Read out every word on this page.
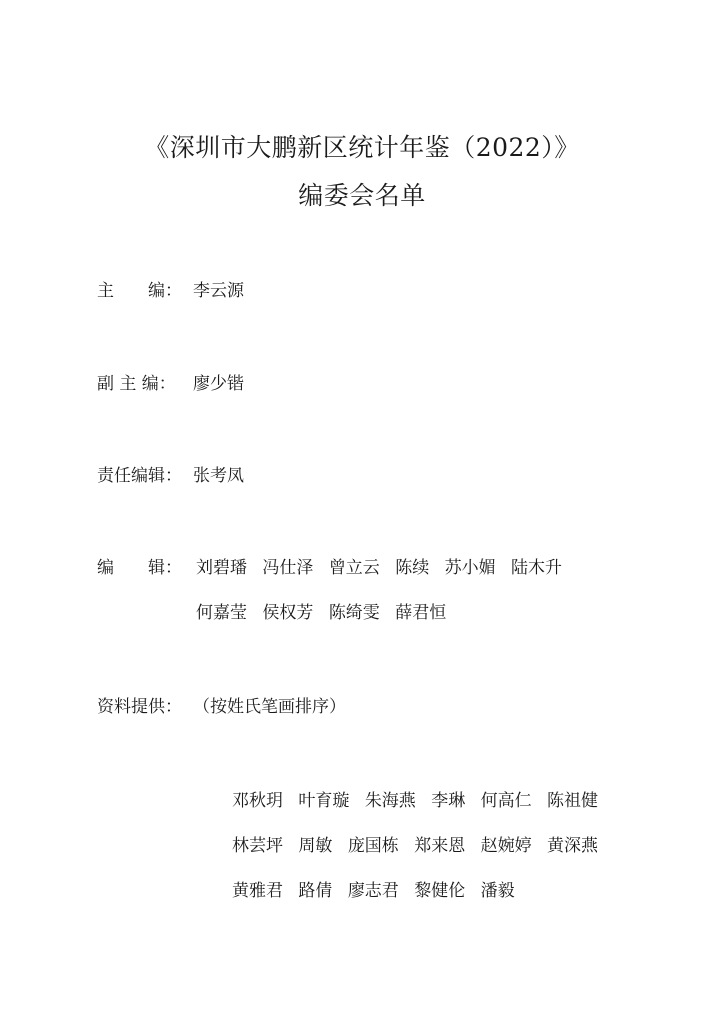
《深圳市大鹏新区统计年鉴（2022）》
编委会名单
主　　编： 李云源
副 主 编： 廖少锴
责任编辑： 张考凤
编　　辑： 刘碧璠 冯仕泽 曾立云 陈续 苏小媚 陆木升
何嘉莹 侯权芳 陈绮雯 薛君恒
资料提供： （按姓氏笔画排序）
邓秋玥 叶育璇 朱海燕 李琳 何高仁 陈祖健
林芸坪 周敏 庞国栋 郑来恩 赵婉婷 黄深燕
黄雅君 路倩 廖志君 黎健伦 潘毅
